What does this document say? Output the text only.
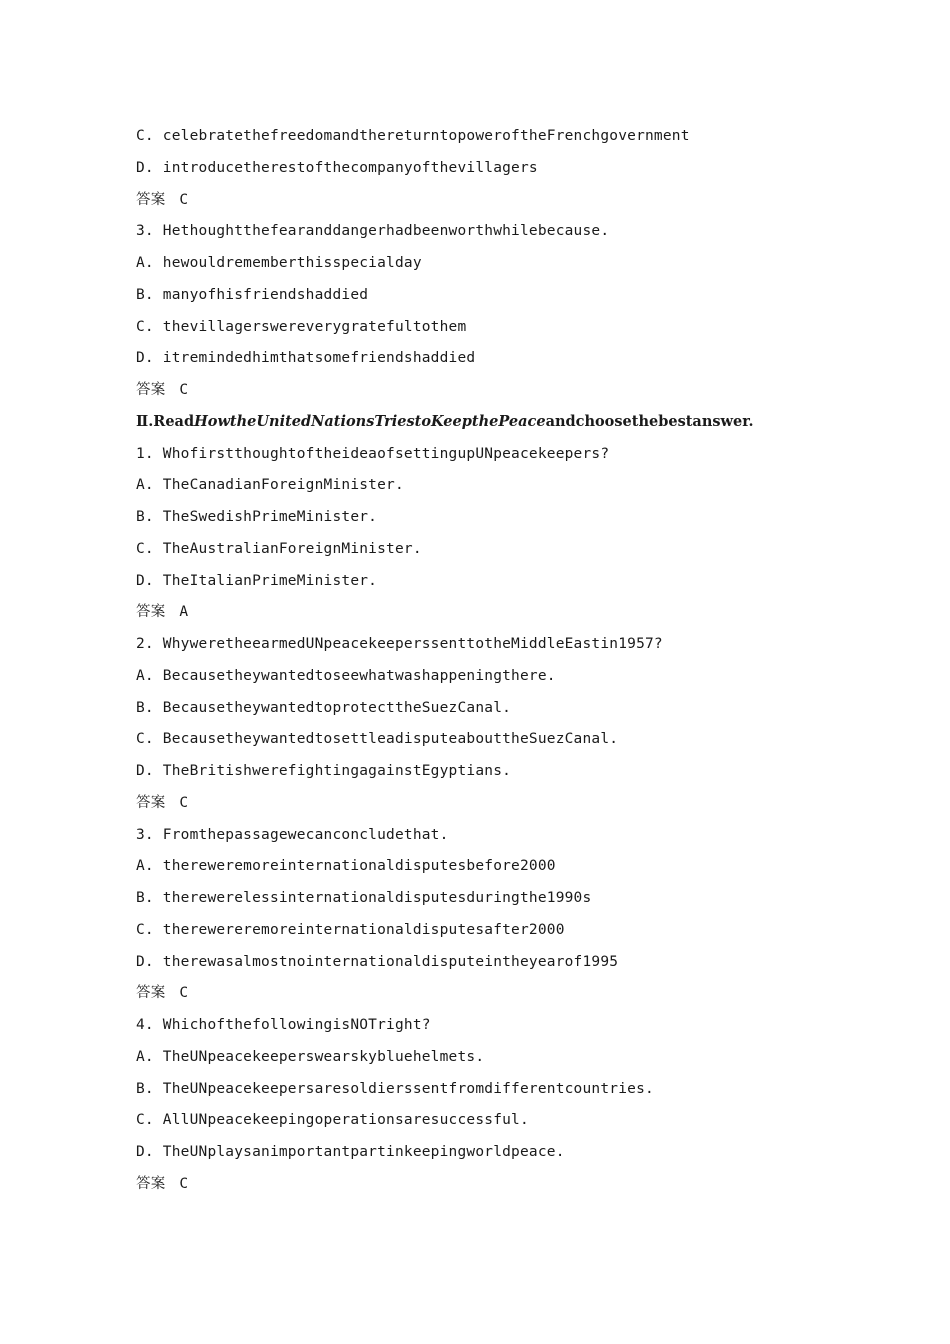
C. celebratethefreedomandthereturntopoweroftheFrenchgovernment
D. introducetherestofthecompanyofthevillagers
答案 C
3. Hethoughtthefearanddangerhadbeenworthwhilebecause.
A. hewouldrememberthisspecialday
B. manyofhisfriendshaddied
C. thevillagerswereverygratefultothem
D. itremindedhimthatsomefriendshaddied
答案 C
Ⅱ.ReadHowtheUnitedNationsTriestoKeepthePeaceandchoosethebestanswer.
1. WhofirstthoughtoftheideaofsettingupUNpeacekeepers?
A. TheCanadianForeignMinister.
B. TheSwedishPrimeMinister.
C. TheAustralianForeignMinister.
D. TheItalianPrimeMinister.
答案 A
2. WhyweretheearmedUNpeacekeeperssenttotheMiddleEastin1957?
A. Becausetheywantedtoseewhatwashappeningthere.
B. BecausetheywantedtoprotecttheSuezCanal.
C. BecausetheywantedtosettleadisputeabouttheSuezCanal.
D. TheBritishwerefightingagainstEgyptians.
答案 C
3. Fromthepassagewecanconcludethat.
A. thereweremoreinternationaldisputesbefore2000
B. therewerelessinternationaldisputesduringthe1990s
C. therewereremoreinternationaldisputesafter2000
D. therewasalmostnointernationaldisputeintheyearof1995
答案 C
4. WhichofthefollowingisNOTright?
A. TheUNpeacekeeperswearskybluehelmets.
B. TheUNpeacekeepersaresoldierssentfromdifferentcountries.
C. AllUNpeacekeepingoperationsaresuccessful.
D. TheUNplaysanimportantpartinkeepingworldpeace.
答案 C
